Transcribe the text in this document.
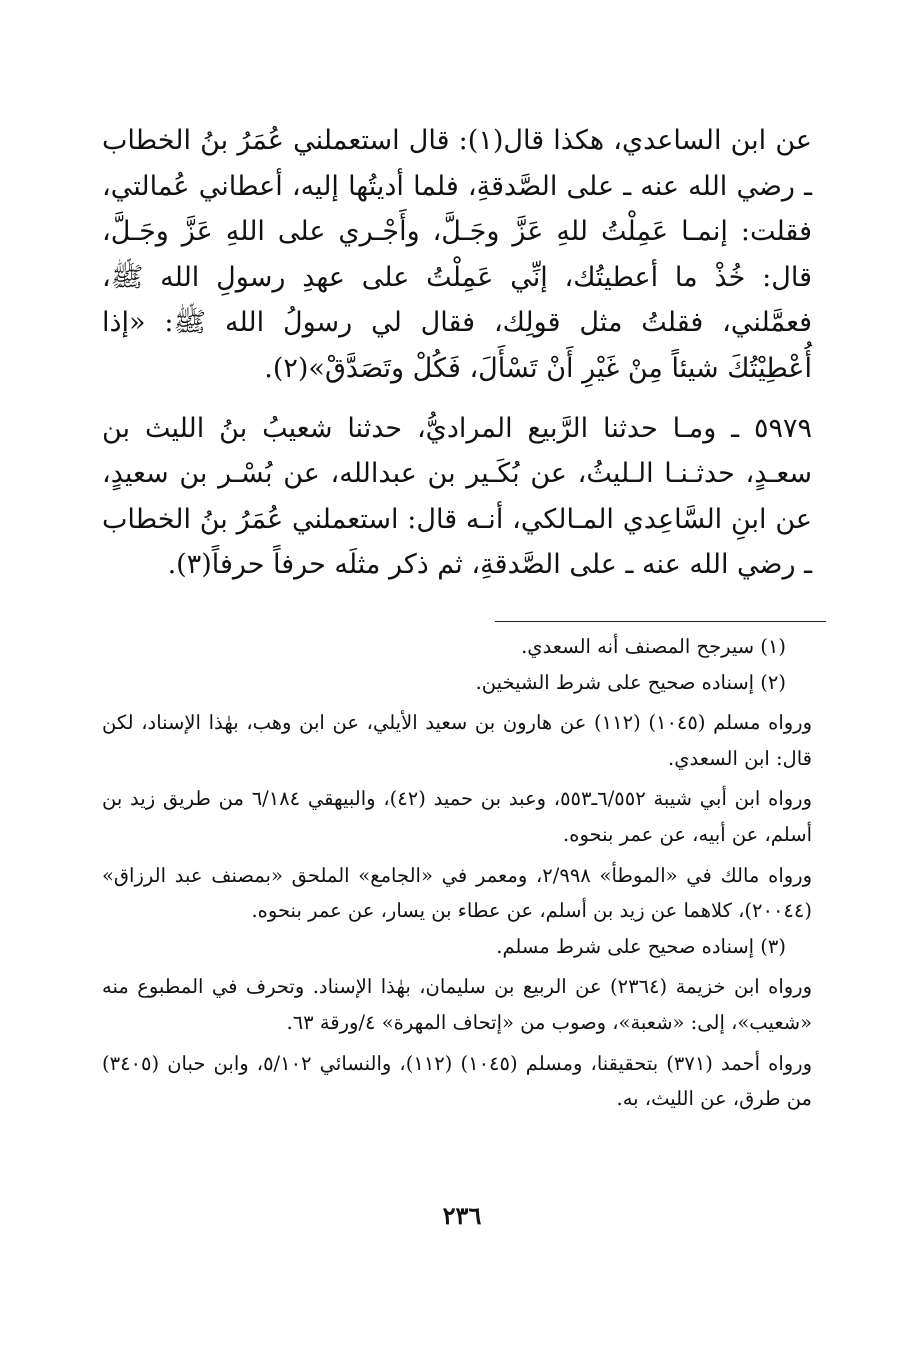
عن ابن الساعدي، هكذا قال(١): قال استعملني عُمَرُ بنُ الخطاب ـ رضي الله عنه ـ على الصَّدقةِ، فلما أديتُها إليه، أعطاني عُمالتي، فقلت: إنمـا عَمِلْتُ للهِ عَزَّ وجَـلَّ، وأَجْـري على اللهِ عَزَّ وجَـلَّ، قال: خُذْ ما أعطيتُك، إنِّي عَمِلْتُ على عهدِ رسولِ الله ﷺ، فعمَّلني، فقلتُ مثل قولِك، فقال لي رسولُ الله ﷺ: «إذا أُعْطِيْتُكَ شيئاً مِنْ غَيْرِ أَنْ تَسْأَلَ، فَكُلْ وتَصَدَّقْ»(٢).

٥٩٧٩ ـ ومـا حدثنا الرَّبيع المراديُّ، حدثنا شعيبُ بنُ الليث بن سعـدٍ، حدثـنـا الـليثُ، عن بُكَـير بن عبدالله، عن بُسْـر بن سعيدٍ، عن ابنِ السَّاعِدي المـالكي، أنـه قال: استعملني عُمَرُ بنُ الخطاب ـ رضي الله عنه ـ على الصَّدقةِ، ثم ذكر مثلَه حرفاً حرفاً(٣).

(١) سيرجح المصنف أنه السعدي.

(٢) إسناده صحيح على شرط الشيخين.

ورواه مسلم (١٠٤٥) (١١٢) عن هارون بن سعيد الأيلي، عن ابن وهب، بهٰذا الإسناد، لكن قال: ابن السعدي.

ورواه ابن أبي شيبة ٦/٥٥٢ـ٥٥٣، وعبد بن حميد (٤٢)، والبيهقي ٦/١٨٤ من طريق زيد بن أسلم، عن أبيه، عن عمر بنحوه.

ورواه مالك في «الموطأ» ٢/٩٩٨، ومعمر في «الجامع» الملحق «بمصنف عبد الرزاق» (٢٠٠٤٤)، كلاهما عن زيد بن أسلم، عن عطاء بن يسار، عن عمر بنحوه.

(٣) إسناده صحيح على شرط مسلم.

ورواه ابن خزيمة (٢٣٦٤) عن الربيع بن سليمان، بهٰذا الإسناد. وتحرف في المطبوع منه «شعيب»، إلى: «شعبة»، وصوب من «إتحاف المهرة» ٤/ورقة ٦٣.

ورواه أحمد (٣٧١) بتحقيقنا، ومسلم (١٠٤٥) (١١٢)، والنسائي ٥/١٠٢، وابن حبان (٣٤٠٥) من طرق، عن الليث، به.

٢٣٦
